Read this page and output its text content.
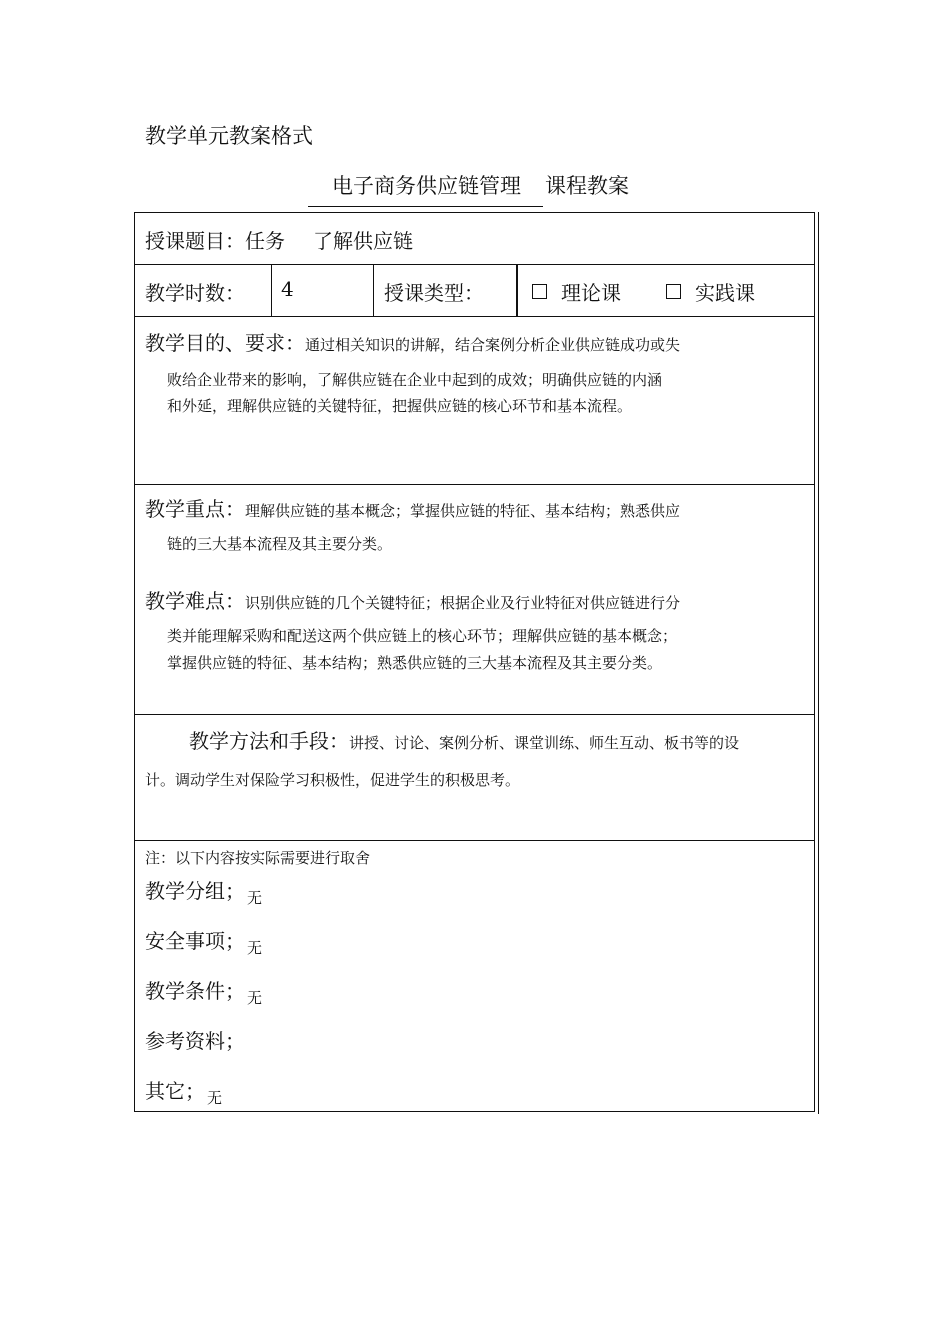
教学单元教案格式
电子商务供应链管理 课程教案
授课题目：任务 了解供应链
教学时数： 4	授课类型：	理论课	实践课
教学目的、要求：通过相关知识的讲解，结合案例分析企业供应链成功或失
败给企业带来的影响，了解供应链在企业中起到的成效；明确供应链的内涵
和外延，理解供应链的关键特征，把握供应链的核心环节和基本流程。
教学重点：理解供应链的基本概念；掌握供应链的特征、基本结构；熟悉供应
链的三大基本流程及其主要分类。
教学难点：识别供应链的几个关键特征；根据企业及行业特征对供应链进行分
类并能理解采购和配送这两个供应链上的核心环节；理解供应链的基本概念；
掌握供应链的特征、基本结构；熟悉供应链的三大基本流程及其主要分类。
教学方法和手段：讲授、讨论、案例分析、课堂训练、师生互动、板书等的设
计。调动学生对保险学习积极性，促进学生的积极思考。
注：以下内容按实际需要进行取舍
教学分组； $_无$
安全事项； $_无$
教学条件； $_无$
参考资料；
其它； $_无$
